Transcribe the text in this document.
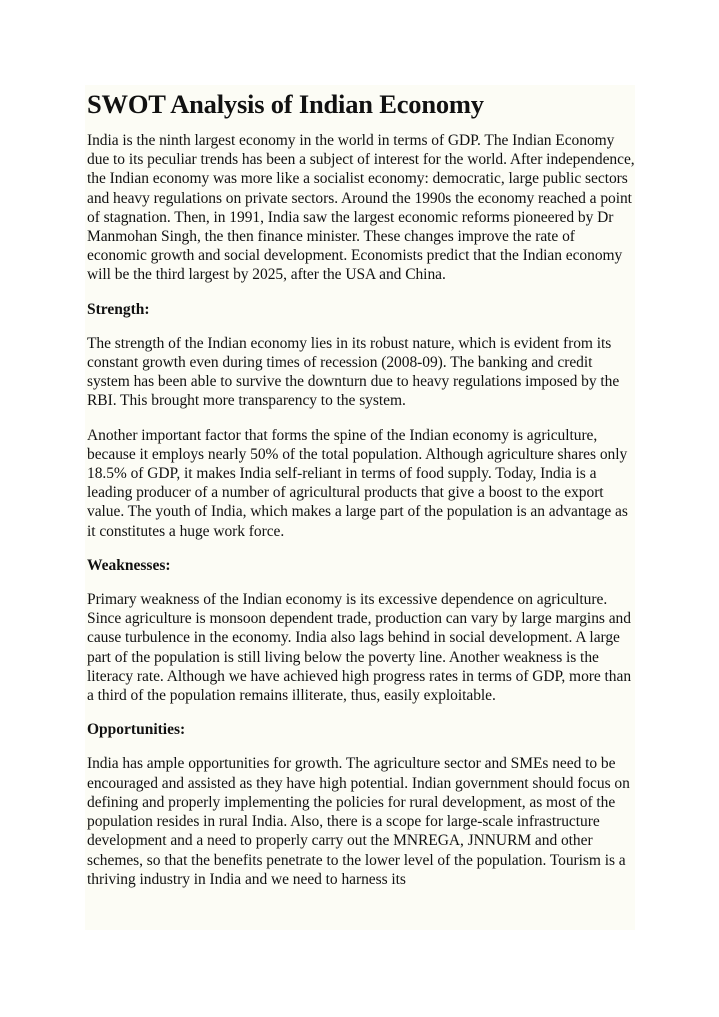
SWOT Analysis of Indian Economy

India is the ninth largest economy in the world in terms of GDP. The Indian Economy due to its peculiar trends has been a subject of interest for the world. After independence, the Indian economy was more like a socialist economy: democratic, large public sectors and heavy regulations on private sectors. Around the 1990s the economy reached a point of stagnation. Then, in 1991, India saw the largest economic reforms pioneered by Dr Manmohan Singh, the then finance minister. These changes improve the rate of economic growth and social development. Economists predict that the Indian economy will be the third largest by 2025, after the USA and China.

Strength:

The strength of the Indian economy lies in its robust nature, which is evident from its constant growth even during times of recession (2008-09). The banking and credit system has been able to survive the downturn due to heavy regulations imposed by the RBI. This brought more transparency to the system.

Another important factor that forms the spine of the Indian economy is agriculture, because it employs nearly 50% of the total population. Although agriculture shares only 18.5% of GDP, it makes India self-reliant in terms of food supply. Today, India is a leading producer of a number of agricultural products that give a boost to the export value. The youth of India, which makes a large part of the population is an advantage as it constitutes a huge work force.

Weaknesses:

Primary weakness of the Indian economy is its excessive dependence on agriculture. Since agriculture is monsoon dependent trade, production can vary by large margins and cause turbulence in the economy. India also lags behind in social development. A large part of the population is still living below the poverty line. Another weakness is the literacy rate. Although we have achieved high progress rates in terms of GDP, more than a third of the population remains illiterate, thus, easily exploitable.

Opportunities:

India has ample opportunities for growth. The agriculture sector and SMEs need to be encouraged and assisted as they have high potential. Indian government should focus on defining and properly implementing the policies for rural development, as most of the population resides in rural India. Also, there is a scope for large-scale infrastructure development and a need to properly carry out the MNREGA, JNNURM and other schemes, so that the benefits penetrate to the lower level of the population. Tourism is a thriving industry in India and we need to harness its
